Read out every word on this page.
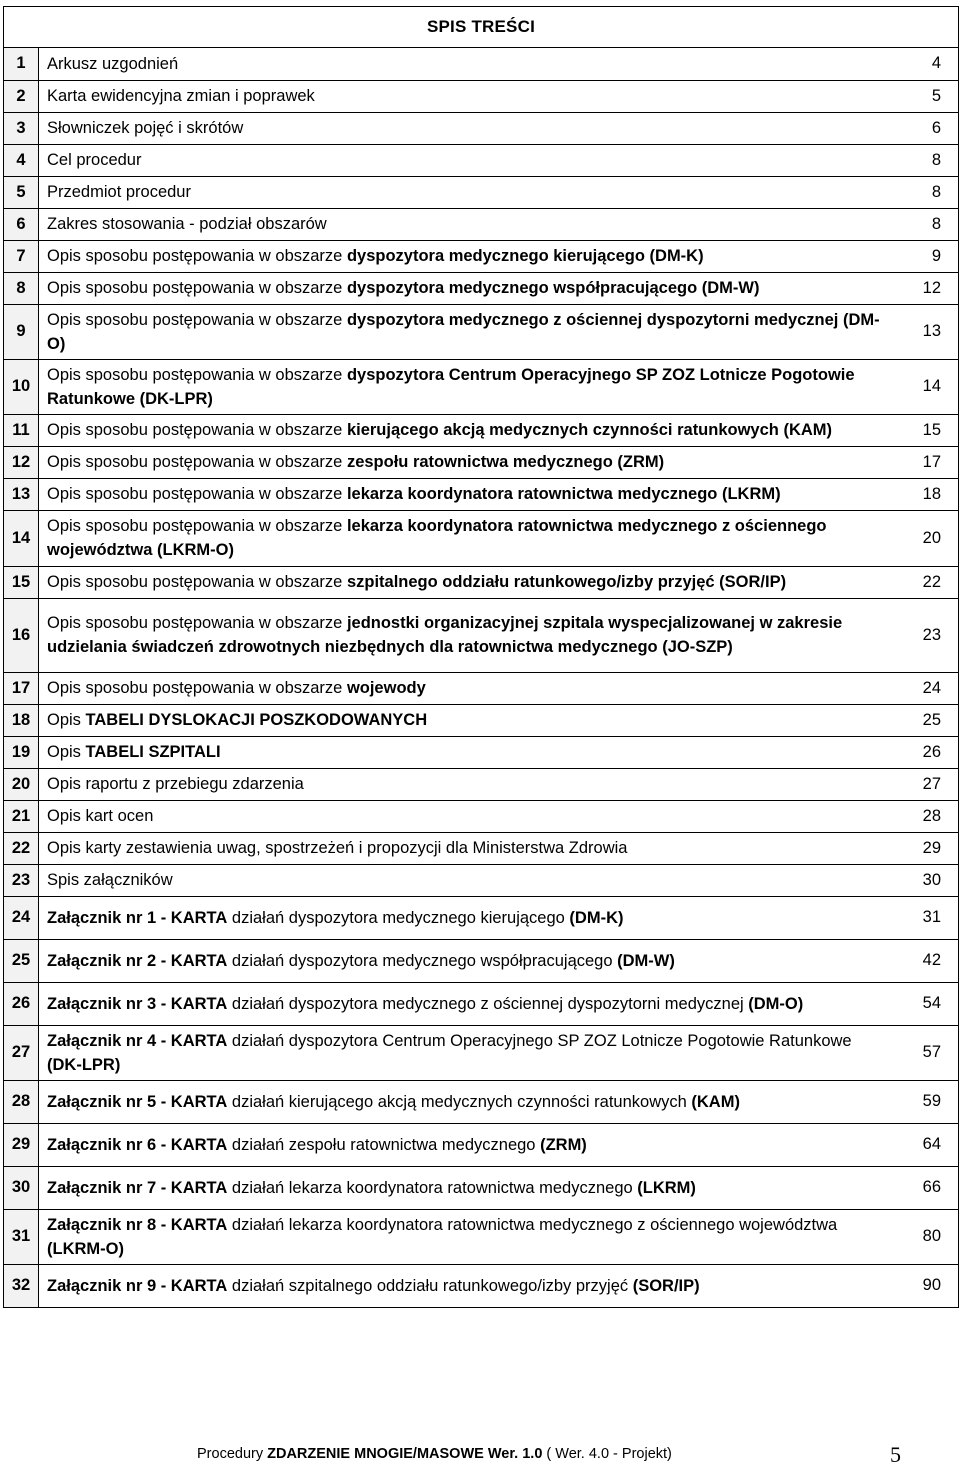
SPIS TREŚCI
1	Arkusz uzgodnień	4
2	Karta ewidencyjna zmian i poprawek	5
3	Słowniczek pojęć i skrótów	6
4	Cel procedur	8
5	Przedmiot procedur	8
6	Zakres stosowania - podział obszarów	8
7	Opis sposobu postępowania w obszarze dyspozytora medycznego kierującego (DM-K)	9
8	Opis sposobu postępowania w obszarze dyspozytora medycznego współpracującego (DM-W)	12
9	Opis sposobu postępowania w obszarze dyspozytora medycznego z ościennej dyspozytorni medycznej (DM-O)	13
10	Opis sposobu postępowania w obszarze dyspozytora Centrum Operacyjnego SP ZOZ Lotnicze Pogotowie Ratunkowe (DK-LPR)	14
11	Opis sposobu postępowania w obszarze kierującego akcją medycznych czynności ratunkowych (KAM)	15
12	Opis sposobu postępowania w obszarze zespołu ratownictwa medycznego (ZRM)	17
13	Opis sposobu postępowania w obszarze lekarza koordynatora ratownictwa medycznego (LKRM)	18
14	Opis sposobu postępowania w obszarze lekarza koordynatora ratownictwa medycznego z ościennego województwa (LKRM-O)	20
15	Opis sposobu postępowania w obszarze szpitalnego oddziału ratunkowego/izby przyjęć (SOR/IP)	22
16	Opis sposobu postępowania w obszarze jednostki organizacyjnej szpitala wyspecjalizowanej w zakresie udzielania świadczeń zdrowotnych niezbędnych dla ratownictwa medycznego (JO-SZP)	23
17	Opis sposobu postępowania w obszarze wojewody	24
18	Opis TABELI DYSLOKACJI POSZKODOWANYCH	25
19	Opis TABELI SZPITALI	26
20	Opis raportu z przebiegu zdarzenia	27
21	Opis kart ocen	28
22	Opis karty zestawienia uwag, spostrzeżeń i propozycji dla Ministerstwa Zdrowia	29
23	Spis załączników	30
24	Załącznik nr 1 - KARTA działań dyspozytora medycznego kierującego (DM-K)	31
25	Załącznik nr 2 - KARTA działań dyspozytora medycznego współpracującego (DM-W)	42
26	Załącznik nr 3 - KARTA działań dyspozytora medycznego z ościennej dyspozytorni medycznej (DM-O)	54
27	Załącznik nr 4 - KARTA działań dyspozytora Centrum Operacyjnego SP ZOZ Lotnicze Pogotowie Ratunkowe (DK-LPR)	57
28	Załącznik nr 5 - KARTA działań kierującego akcją medycznych czynności ratunkowych (KAM)	59
29	Załącznik nr 6 - KARTA działań zespołu ratownictwa medycznego (ZRM)	64
30	Załącznik nr 7 - KARTA działań lekarza koordynatora ratownictwa medycznego (LKRM)	66
31	Załącznik nr 8 - KARTA działań lekarza koordynatora ratownictwa medycznego z ościennego województwa (LKRM-O)	80
32	Załącznik nr 9 - KARTA działań szpitalnego oddziału ratunkowego/izby przyjęć (SOR/IP)	90
Procedury ZDARZENIE MNOGIE/MASOWE Wer. 1.0 ( Wer. 4.0 - Projekt)	5
